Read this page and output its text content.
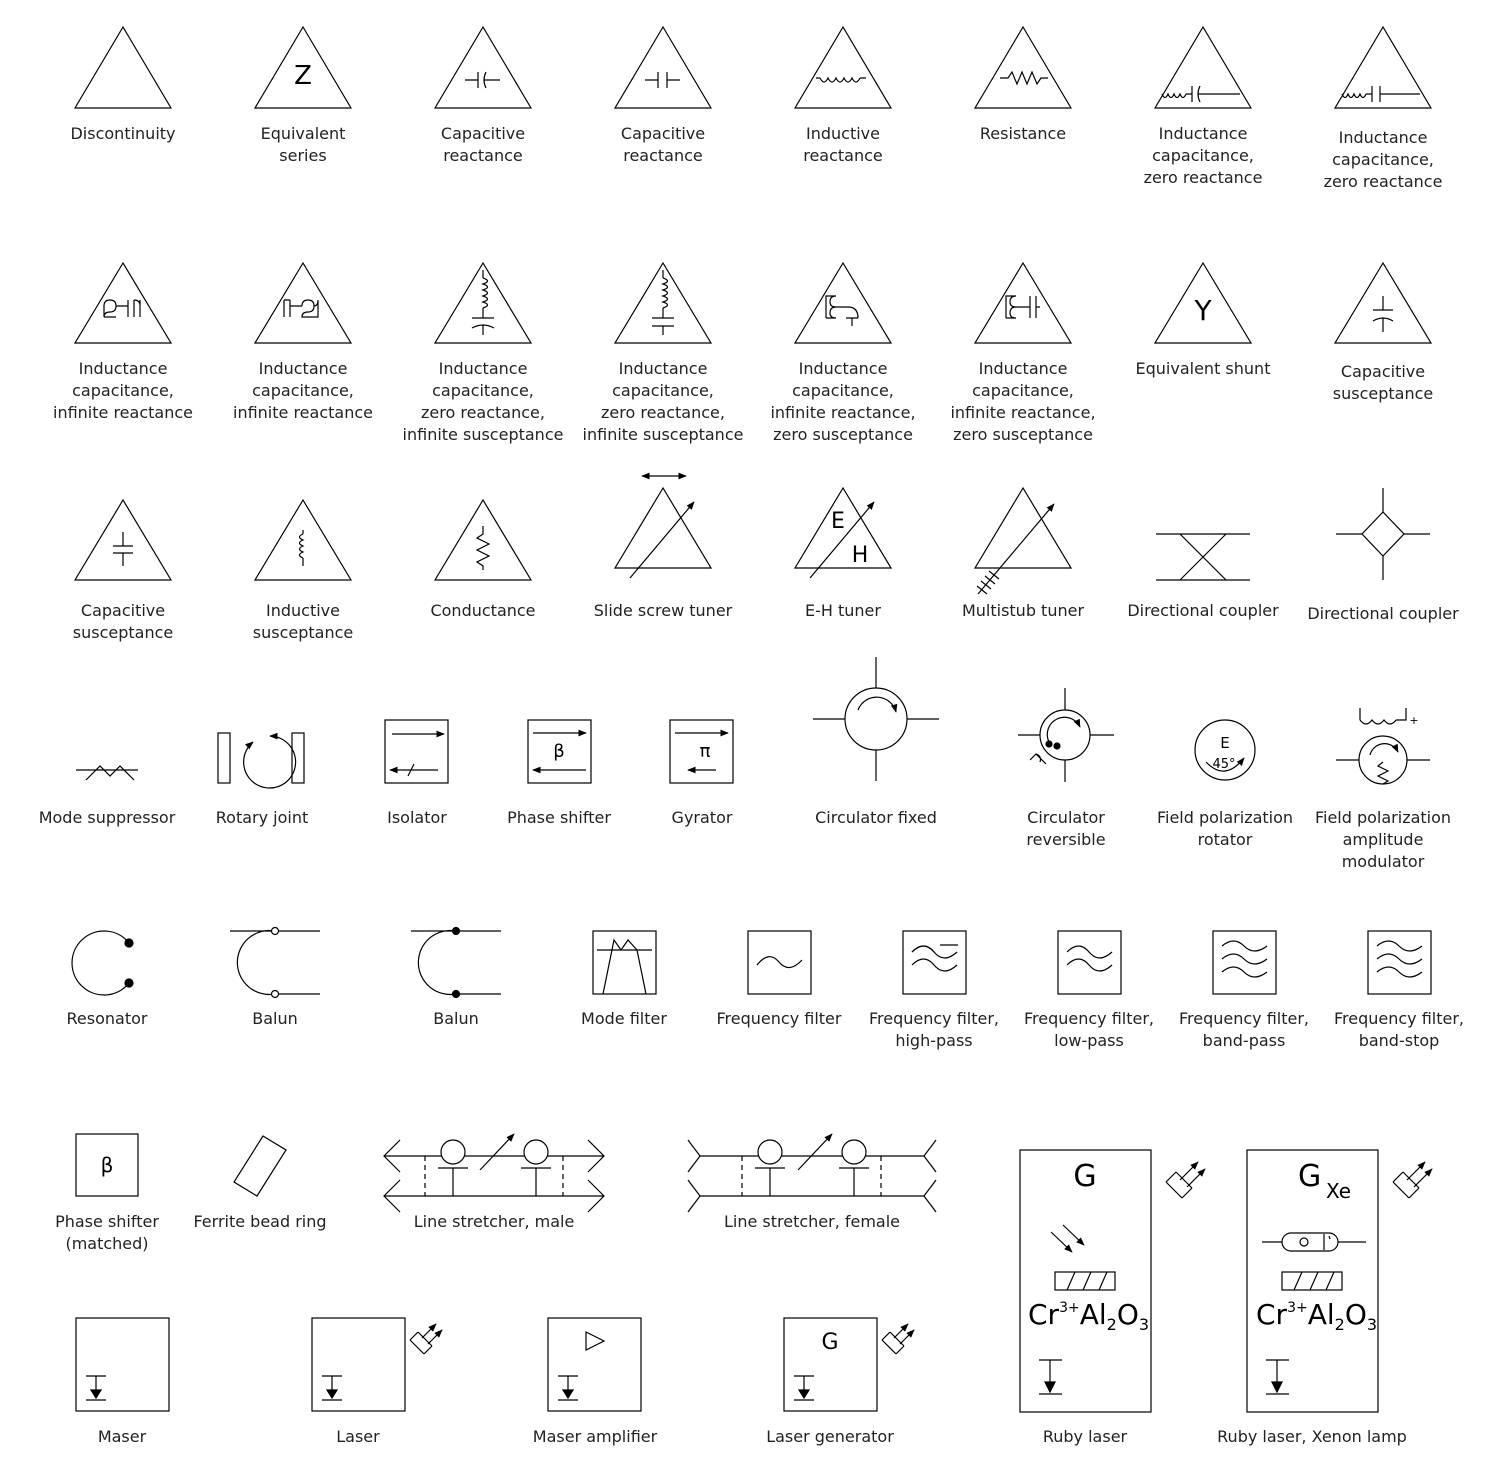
Z
Y
E
H
β	π	E
45°
+
β	G
$Cr^{3+}Al_2O_3$
G Xe
$Cr^{3+}Al_2O_3$
G
Discontinuity	Equivalent
series
Capacitive
reactance
Capacitive
reactance
Inductive
reactance
Resistance	Inductance
capacitance,
zero reactance
Inductance
capacitance,
zero reactance
Inductance
capacitance,
infinite reactance
Inductance
capacitance,
infinite reactance
Inductance
capacitance,
zero reactance,
infinite susceptance
Inductance
capacitance,
zero reactance,
infinite susceptance
Inductance
capacitance,
infinite reactance,
zero susceptance
Inductance
capacitance,
infinite reactance,
zero susceptance
Equivalent shunt	Capacitive
susceptance
Capacitive
susceptance
Inductive
susceptance
Conductance	Slide screw tuner	E-H tuner	Multistub tuner	Directional coupler	Directional coupler
Mode suppressor	Rotary joint	Isolator	Phase shifter	Gyrator	Circulator fixed	Circulator
reversible
Field polarization
rotator
Field polarization
amplitude
modulator
Resonator	Balun	Balun	Mode filter	Frequency filter	Frequency filter,
high-pass
Frequency filter,
low-pass
Frequency filter,
band-pass
Frequency filter,
band-stop
Phase shifter
(matched)
Ferrite bead ring	Line stretcher, male	Line stretcher, female
Maser	Laser	Maser amplifier	Laser generator	Ruby laser	Ruby laser, Xenon lamp
